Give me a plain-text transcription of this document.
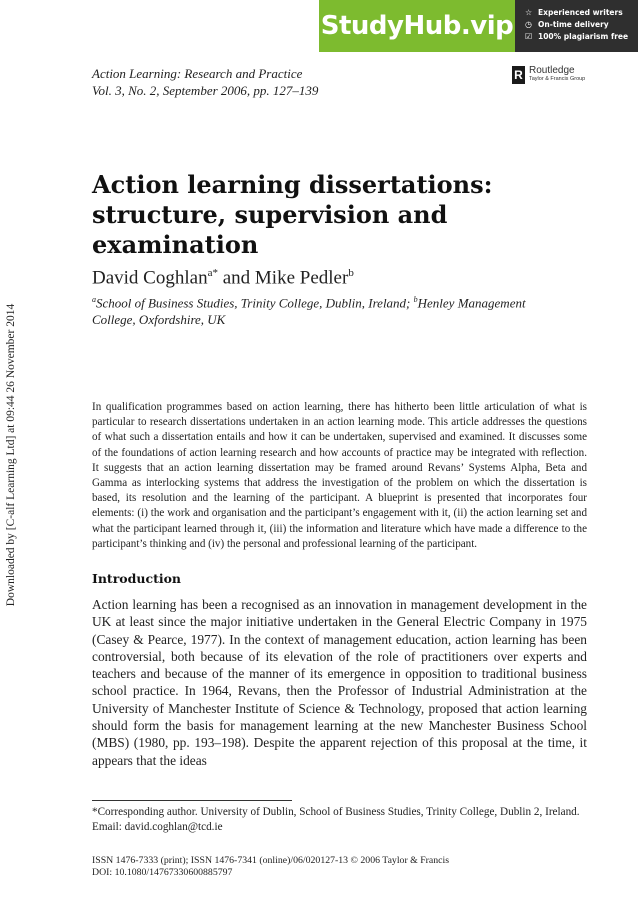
StudyHub.vip ☆ Experienced writers
◷ On-time delivery
☑ 100% plagiarism free
Downloaded by [C-alf Learning Ltd] at 09:44 26 November 2014
Action Learning: Research and Practice
Vol. 3, No. 2, September 2006, pp. 127–139
R Routledge
Taylor & Francis Group
Action learning dissertations: structure, supervision and examination
David Coghlan$^{a*}$ and Mike Pedler$^b$
$^a$School of Business Studies, Trinity College, Dublin, Ireland; $^b$Henley Management College, Oxfordshire, UK
In qualification programmes based on action learning, there has hitherto been little articulation of what is particular to research dissertations undertaken in an action learning mode. This article addresses the questions of what such a dissertation entails and how it can be undertaken, supervised and examined. It discusses some of the foundations of action learning research and how accounts of practice may be integrated with reflection. It suggests that an action learning dissertation may be framed around Revans’ Systems Alpha, Beta and Gamma as interlocking systems that address the investigation of the problem on which the dissertation is based, its resolution and the learning of the participant. A blueprint is presented that incorporates four elements: (i) the work and organisation and the participant’s engagement with it, (ii) the action learning set and what the participant learned through it, (iii) the information and literature which have made a difference to the participant’s thinking and (iv) the personal and professional learning of the participant.
Introduction
Action learning has been a recognised as an innovation in management development in the UK at least since the major initiative undertaken in the General Electric Company in 1975 (Casey & Pearce, 1977). In the context of management education, action learning has been controversial, both because of its elevation of the role of practitioners over experts and teachers and because of the manner of its emergence in opposition to traditional business school practice. In 1964, Revans, then the Professor of Industrial Administration at the University of Manchester Institute of Science & Technology, proposed that action learning should form the basis for management learning at the new Manchester Business School (MBS) (1980, pp. 193–198). Despite the apparent rejection of this proposal at the time, it appears that the ideas
*Corresponding author. University of Dublin, School of Business Studies, Trinity College, Dublin 2, Ireland. Email: david.coghlan@tcd.ie
ISSN 1476-7333 (print); ISSN 1476-7341 (online)/06/020127-13 © 2006 Taylor & Francis
DOI: 10.1080/14767330600885797
